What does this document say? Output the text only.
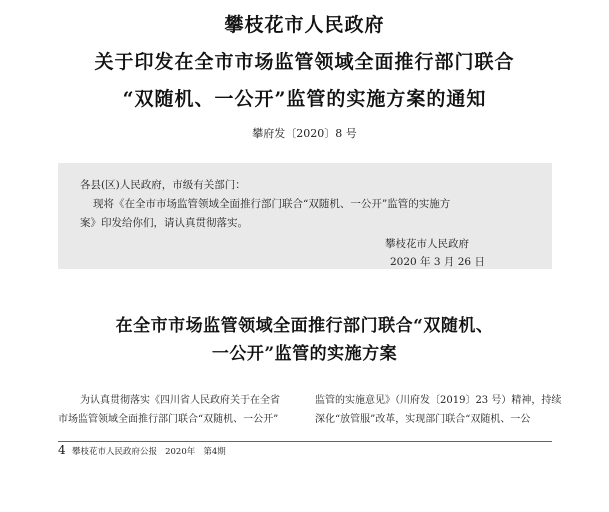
攀枝花市人民政府
关于印发在全市市场监管领域全面推行部门联合
“双随机、一公开”监管的实施方案的通知
攀府发〔2020〕8 号
各县(区)人民政府，市级有关部门：
现将《在全市市场监管领域全面推行部门联合“双随机、一公开”监管的实施方
案》印发给你们，请认真贯彻落实。
攀枝花市人民政府
2020 年 3 月 26 日
在全市市场监管领域全面推行部门联合“双随机、
一公开”监管的实施方案
为认真贯彻落实《四川省人民政府关于在全省
市场监管领域全面推行部门联合“双随机、一公开”
监管的实施意见》（川府发〔2019〕23 号）精神，持续
深化“放管服”改革，实现部门联合“双随机、一公
4 攀枝花市人民政府公报   2020年   第4期
